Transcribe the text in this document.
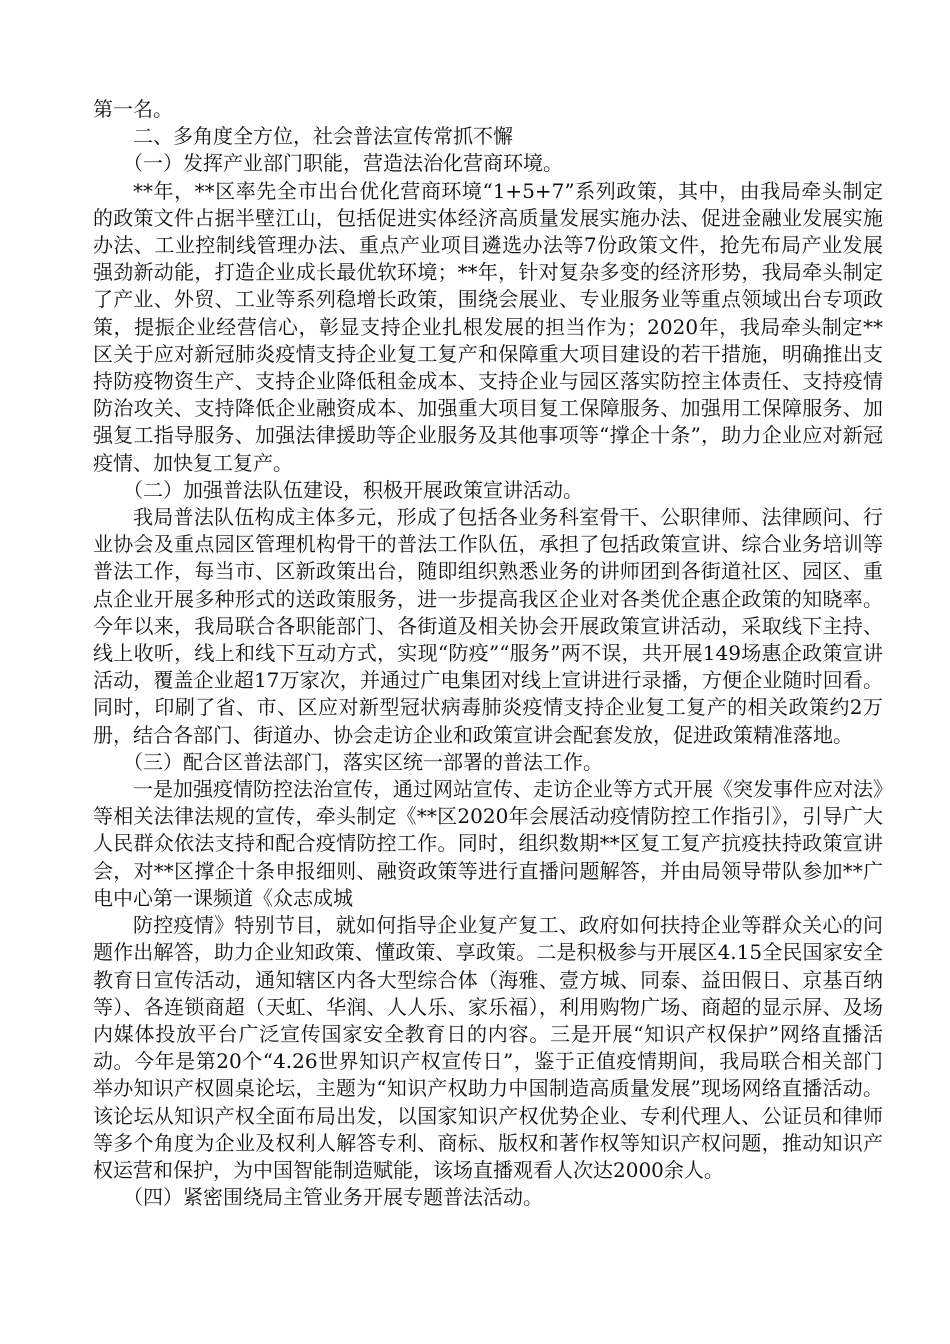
第一名。

二、多角度全方位，社会普法宣传常抓不懈

（一）发挥产业部门职能，营造法治化营商环境。

**年，**区率先全市出台优化营商环境“1+5+7”系列政策，其中，由我局牵头制定的政策文件占据半壁江山，包括促进实体经济高质量发展实施办法、促进金融业发展实施办法、工业控制线管理办法、重点产业项目遴选办法等7份政策文件，抢先布局产业发展强劲新动能，打造企业成长最优软环境；**年，针对复杂多变的经济形势，我局牵头制定了产业、外贸、工业等系列稳增长政策，围绕会展业、专业服务业等重点领域出台专项政策，提振企业经营信心，彰显支持企业扎根发展的担当作为；2020年，我局牵头制定**区关于应对新冠肺炎疫情支持企业复工复产和保障重大项目建设的若干措施，明确推出支持防疫物资生产、支持企业降低租金成本、支持企业与园区落实防控主体责任、支持疫情防治攻关、支持降低企业融资成本、加强重大项目复工保障服务、加强用工保障服务、加强复工指导服务、加强法律援助等企业服务及其他事项等“撑企十条”，助力企业应对新冠疫情、加快复工复产。

（二）加强普法队伍建设，积极开展政策宣讲活动。

我局普法队伍构成主体多元，形成了包括各业务科室骨干、公职律师、法律顾问、行业协会及重点园区管理机构骨干的普法工作队伍，承担了包括政策宣讲、综合业务培训等普法工作，每当市、区新政策出台，随即组织熟悉业务的讲师团到各街道社区、园区、重点企业开展多种形式的送政策服务，进一步提高我区企业对各类优企惠企政策的知晓率。今年以来，我局联合各职能部门、各街道及相关协会开展政策宣讲活动，采取线下主持、线上收听，线上和线下互动方式，实现“防疫”“服务”两不误，共开展149场惠企政策宣讲活动，覆盖企业超17万家次，并通过广电集团对线上宣讲进行录播，方便企业随时回看。同时，印刷了省、市、区应对新型冠状病毒肺炎疫情支持企业复工复产的相关政策约2万册，结合各部门、街道办、协会走访企业和政策宣讲会配套发放，促进政策精准落地。

（三）配合区普法部门，落实区统一部署的普法工作。

一是加强疫情防控法治宣传，通过网站宣传、走访企业等方式开展《突发事件应对法》等相关法律法规的宣传，牵头制定《**区2020年会展活动疫情防控工作指引》，引导广大人民群众依法支持和配合疫情防控工作。同时，组织数期**区复工复产抗疫扶持政策宣讲会，对**区撑企十条申报细则、融资政策等进行直播问题解答，并由局领导带队参加**广电中心第一课频道《众志成城

防控疫情》特别节目，就如何指导企业复产复工、政府如何扶持企业等群众关心的问题作出解答，助力企业知政策、懂政策、享政策。二是积极参与开展区4.15全民国家安全教育日宣传活动，通知辖区内各大型综合体（海雅、壹方城、同泰、益田假日、京基百纳等）、各连锁商超（天虹、华润、人人乐、家乐福），利用购物广场、商超的显示屏、及场内媒体投放平台广泛宣传国家安全教育日的内容。三是开展“知识产权保护”网络直播活动。今年是第20个“4.26世界知识产权宣传日”，鉴于正值疫情期间，我局联合相关部门举办知识产权圆桌论坛，主题为“知识产权助力中国制造高质量发展”现场网络直播活动。该论坛从知识产权全面布局出发，以国家知识产权优势企业、专利代理人、公证员和律师等多个角度为企业及权利人解答专利、商标、版权和著作权等知识产权问题，推动知识产权运营和保护，为中国智能制造赋能，该场直播观看人次达2000余人。

（四）紧密围绕局主管业务开展专题普法活动。
